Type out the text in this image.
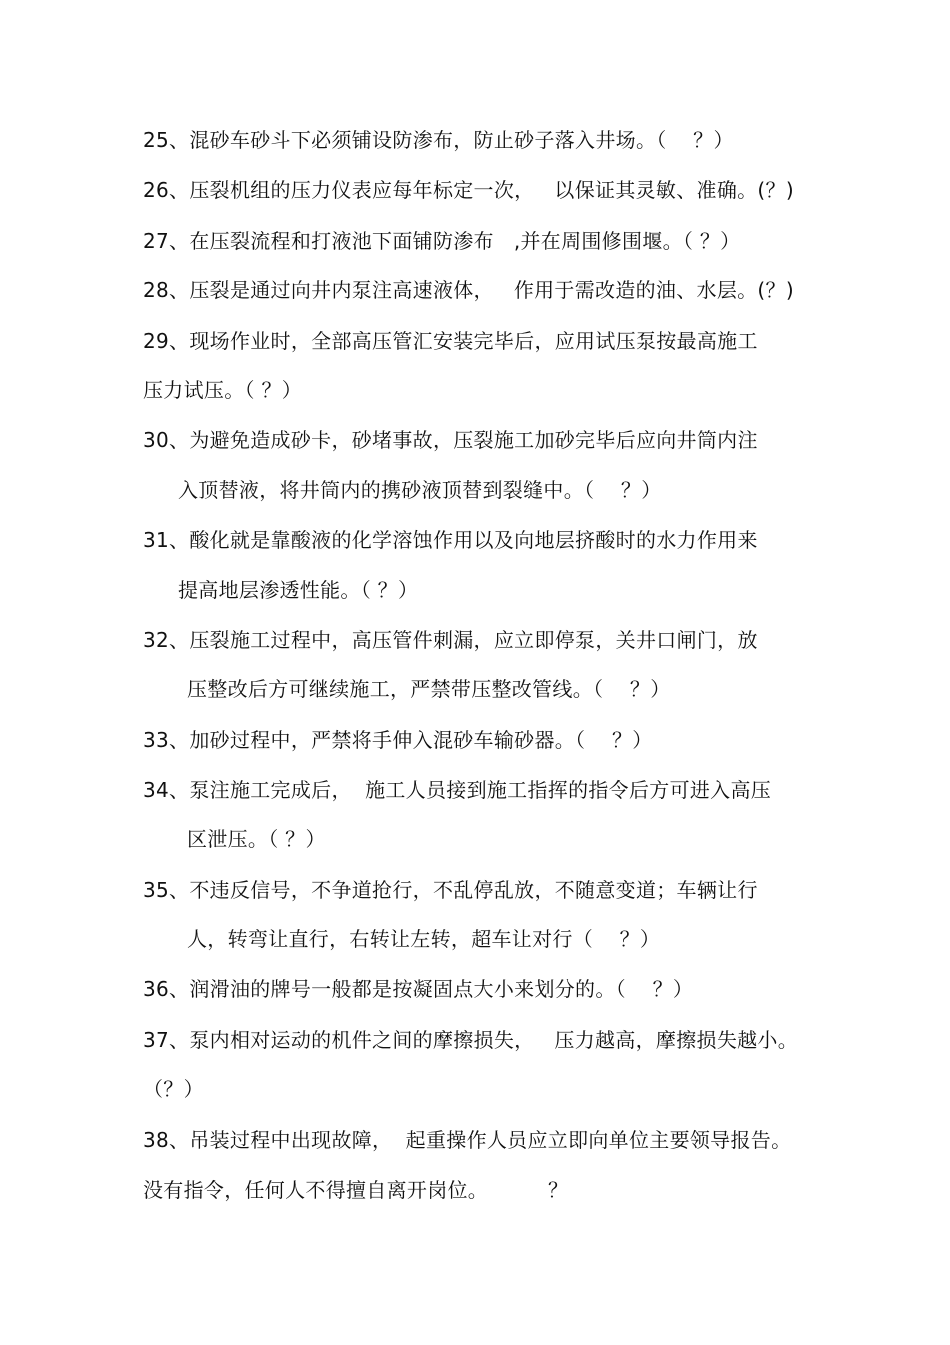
25、混砂车砂斗下必须铺设防渗布，防止砂子落入井场。（    ？）
26、压裂机组的压力仪表应每年标定一次，   以保证其灵敏、准确。(？)
27、在压裂流程和打液池下面铺防渗布   ,并在周围修围堰。（ ？）
28、压裂是通过向井内泵注高速液体，   作用于需改造的油、水层。(？)
29、现场作业时，全部高压管汇安装完毕后，应用试压泵按最高施工
压力试压。（ ？）
30、为避免造成砂卡，砂堵事故，压裂施工加砂完毕后应向井筒内注
入顶替液，将井筒内的携砂液顶替到裂缝中。（    ？）
31、酸化就是靠酸液的化学溶蚀作用以及向地层挤酸时的水力作用来
提高地层渗透性能。（ ？）
32、压裂施工过程中，高压管件刺漏，应立即停泵，关井口闸门，放
压整改后方可继续施工，严禁带压整改管线。（    ？）
33、加砂过程中，严禁将手伸入混砂车输砂器。（    ？）
34、泵注施工完成后，  施工人员接到施工指挥的指令后方可进入高压
区泄压。（ ？）
35、不违反信号，不争道抢行，不乱停乱放，不随意变道；车辆让行
人，转弯让直行，右转让左转，超车让对行（    ？）
36、润滑油的牌号一般都是按凝固点大小来划分的。（    ？）
37、泵内相对运动的机件之间的摩擦损失，   压力越高，摩擦损失越小。
（？）
38、吊装过程中出现故障，  起重操作人员应立即向单位主要领导报告。
没有指令，任何人不得擅自离开岗位。         ？
